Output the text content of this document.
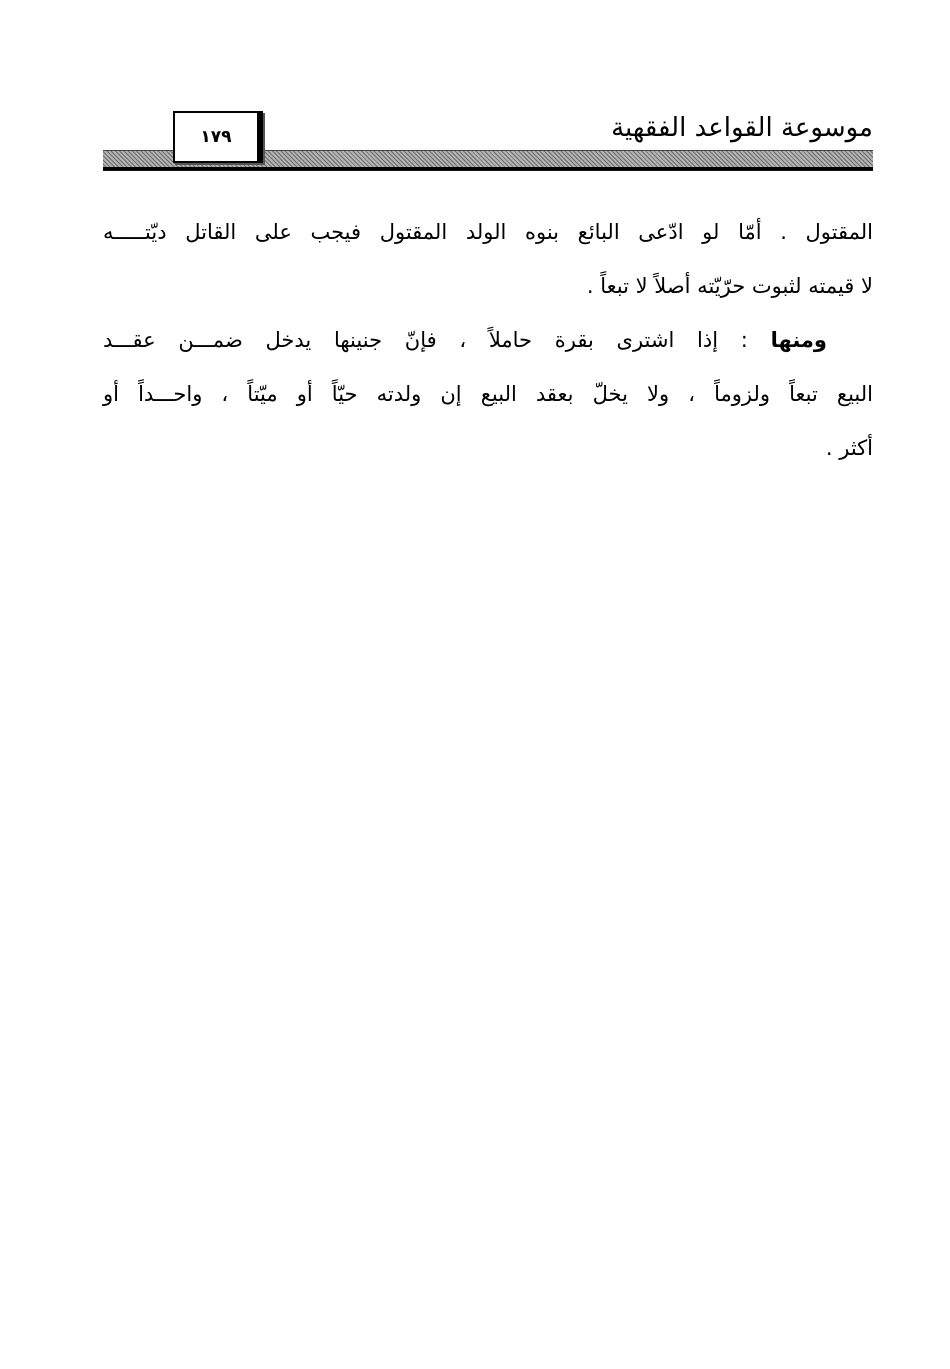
١٧٩	موسوعة القواعد الفقهية
المقتول . أمّا لو ادّعى البائع بنوه الولد المقتول فيجب على القاتل ديّتـــــه
لا قيمته لثبوت حرّيّته أصلاً لا تبعاً .
ومنها : إذا اشترى بقرة حاملاً ، فإنّ جنينها يدخل ضمـــن عقـــد
البيع تبعاً ولزوماً ، ولا يخلّ بعقد البيع إن ولدته حيّاً أو ميّتاً ، واحـــداً أو
أكثر .
